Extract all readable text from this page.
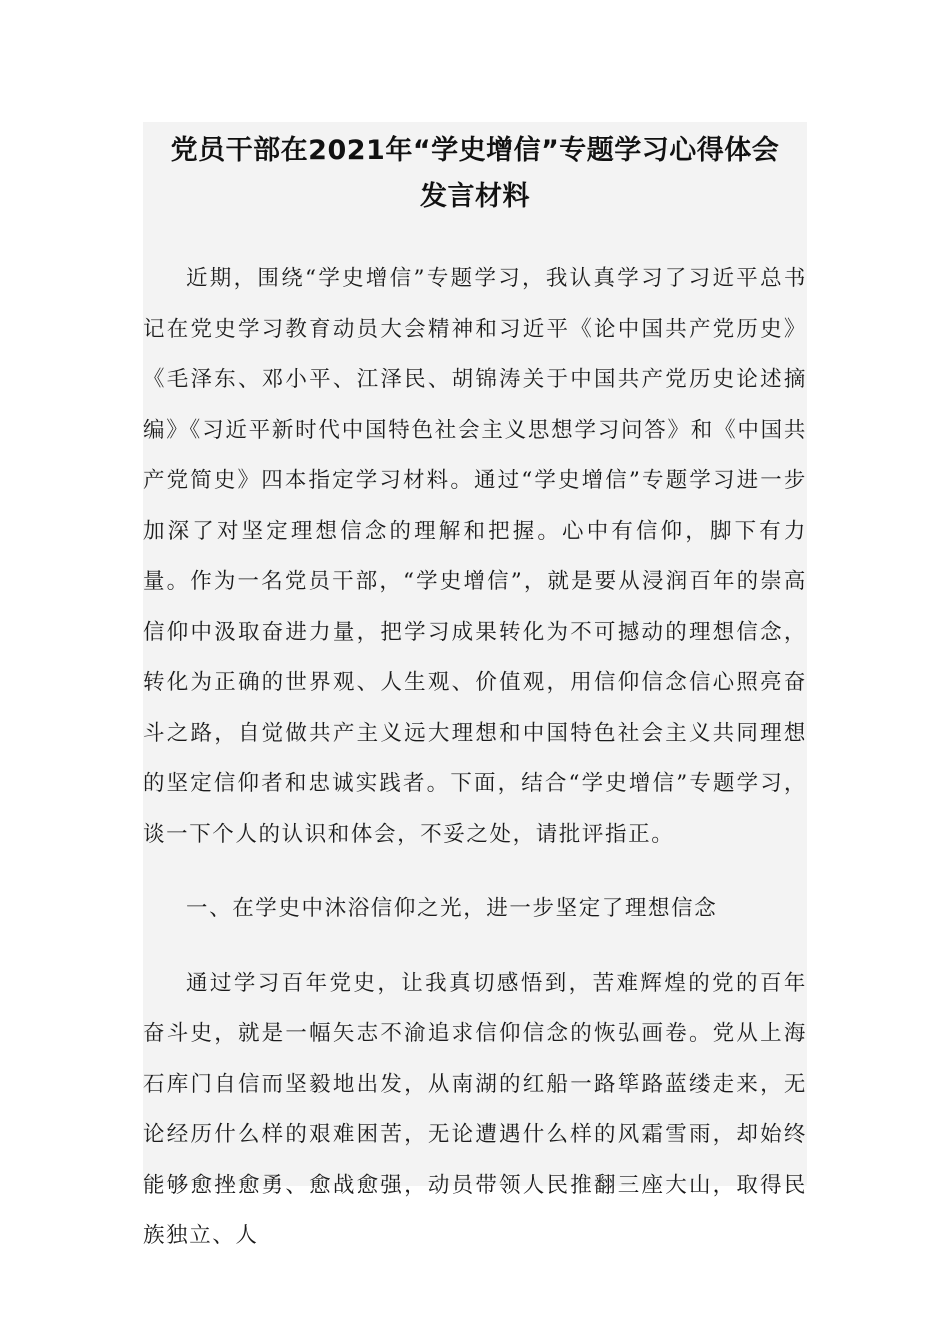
党员干部在2021年“学史增信”专题学习心得体会
发言材料

近期，围绕“学史增信”专题学习，我认真学习了习近平总书记在党史学习教育动员大会精神和习近平《论中国共产党历史》《毛泽东、邓小平、江泽民、胡锦涛关于中国共产党历史论述摘编》《习近平新时代中国特色社会主义思想学习问答》和《中国共产党简史》四本指定学习材料。通过“学史增信”专题学习进一步加深了对坚定理想信念的理解和把握。心中有信仰，脚下有力量。作为一名党员干部，“学史增信”，就是要从浸润百年的崇高信仰中汲取奋进力量，把学习成果转化为不可撼动的理想信念，转化为正确的世界观、人生观、价值观，用信仰信念信心照亮奋斗之路，自觉做共产主义远大理想和中国特色社会主义共同理想的坚定信仰者和忠诚实践者。下面，结合“学史增信”专题学习，谈一下个人的认识和体会，不妥之处，请批评指正。

一、在学史中沐浴信仰之光，进一步坚定了理想信念

通过学习百年党史，让我真切感悟到，苦难辉煌的党的百年奋斗史，就是一幅矢志不渝追求信仰信念的恢弘画卷。党从上海石库门自信而坚毅地出发，从南湖的红船一路筚路蓝缕走来，无论经历什么样的艰难困苦，无论遭遇什么样的风霜雪雨，却始终能够愈挫愈勇、愈战愈强，动员带领人民推翻三座大山，取得民族独立、人
